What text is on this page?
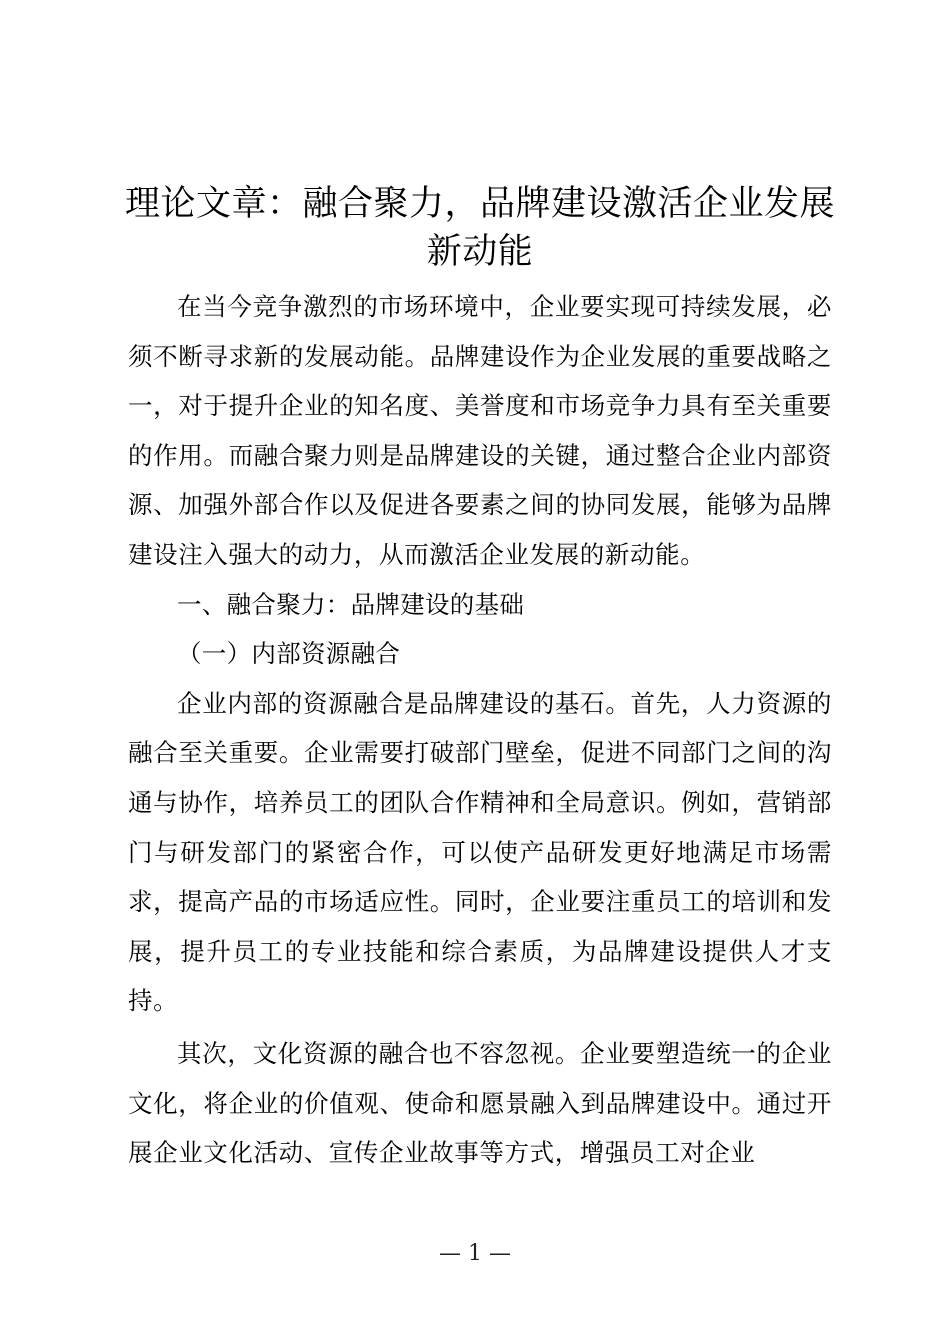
理论文章：融合聚力，品牌建设激活企业发展新动能

在当今竞争激烈的市场环境中，企业要实现可持续发展，必须不断寻求新的发展动能。品牌建设作为企业发展的重要战略之一，对于提升企业的知名度、美誉度和市场竞争力具有至关重要的作用。而融合聚力则是品牌建设的关键，通过整合企业内部资源、加强外部合作以及促进各要素之间的协同发展，能够为品牌建设注入强大的动力，从而激活企业发展的新动能。

一、融合聚力：品牌建设的基础

（一）内部资源融合

企业内部的资源融合是品牌建设的基石。首先，人力资源的融合至关重要。企业需要打破部门壁垒，促进不同部门之间的沟通与协作，培养员工的团队合作精神和全局意识。例如，营销部门与研发部门的紧密合作，可以使产品研发更好地满足市场需求，提高产品的市场适应性。同时，企业要注重员工的培训和发展，提升员工的专业技能和综合素质，为品牌建设提供人才支持。

其次，文化资源的融合也不容忽视。企业要塑造统一的企业文化，将企业的价值观、使命和愿景融入到品牌建设中。通过开展企业文化活动、宣传企业故事等方式，增强员工对企业

— 1 —
